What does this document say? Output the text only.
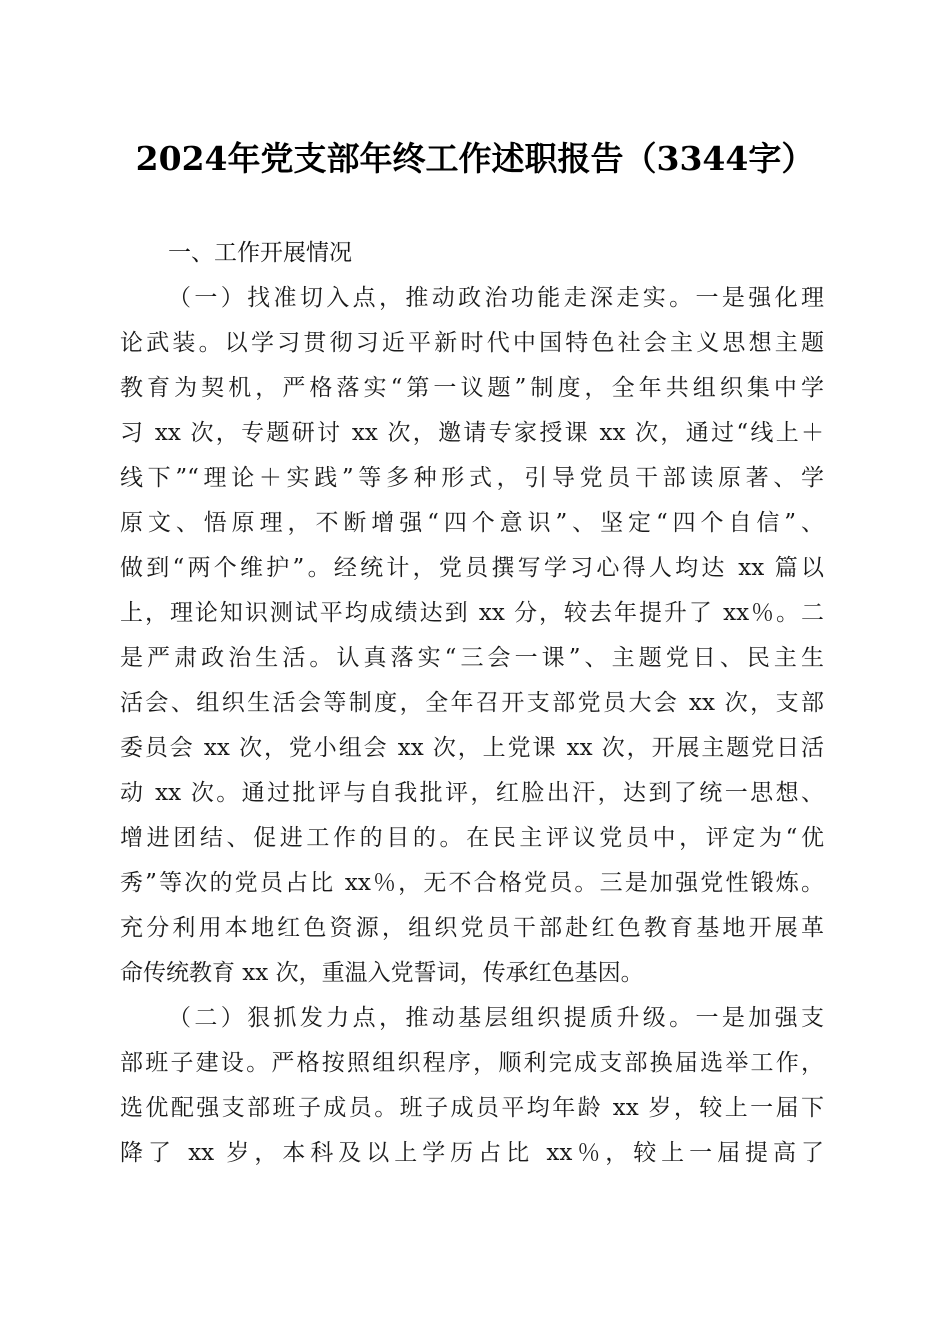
2024年党支部年终工作述职报告（3344字）
一、工作开展情况
（一）找准切入点，推动政治功能走深走实。一是强化理
论武装。以学习贯彻习近平新时代中国特色社会主义思想主题
教育为契机，严格落实“第一议题”制度，全年共组织集中学
习 xx 次，专题研讨 xx 次，邀请专家授课 xx 次，通过“线上＋
线下”“理论＋实践”等多种形式，引导党员干部读原著、学
原文、悟原理，不断增强“四个意识”、坚定“四个自信”、
做到“两个维护”。经统计，党员撰写学习心得人均达 xx 篇以
上，理论知识测试平均成绩达到 xx 分，较去年提升了 xx％。二
是严肃政治生活。认真落实“三会一课”、主题党日、民主生
活会、组织生活会等制度，全年召开支部党员大会 xx 次，支部
委员会 xx 次，党小组会 xx 次，上党课 xx 次，开展主题党日活
动 xx 次。通过批评与自我批评，红脸出汗，达到了统一思想、
增进团结、促进工作的目的。在民主评议党员中，评定为“优
秀”等次的党员占比 xx％，无不合格党员。三是加强党性锻炼。
充分利用本地红色资源，组织党员干部赴红色教育基地开展革
命传统教育 xx 次，重温入党誓词，传承红色基因。
（二）狠抓发力点，推动基层组织提质升级。一是加强支
部班子建设。严格按照组织程序，顺利完成支部换届选举工作，
选优配强支部班子成员。班子成员平均年龄 xx 岁，较上一届下
降了 xx 岁，本科及以上学历占比 xx％，较上一届提高了
